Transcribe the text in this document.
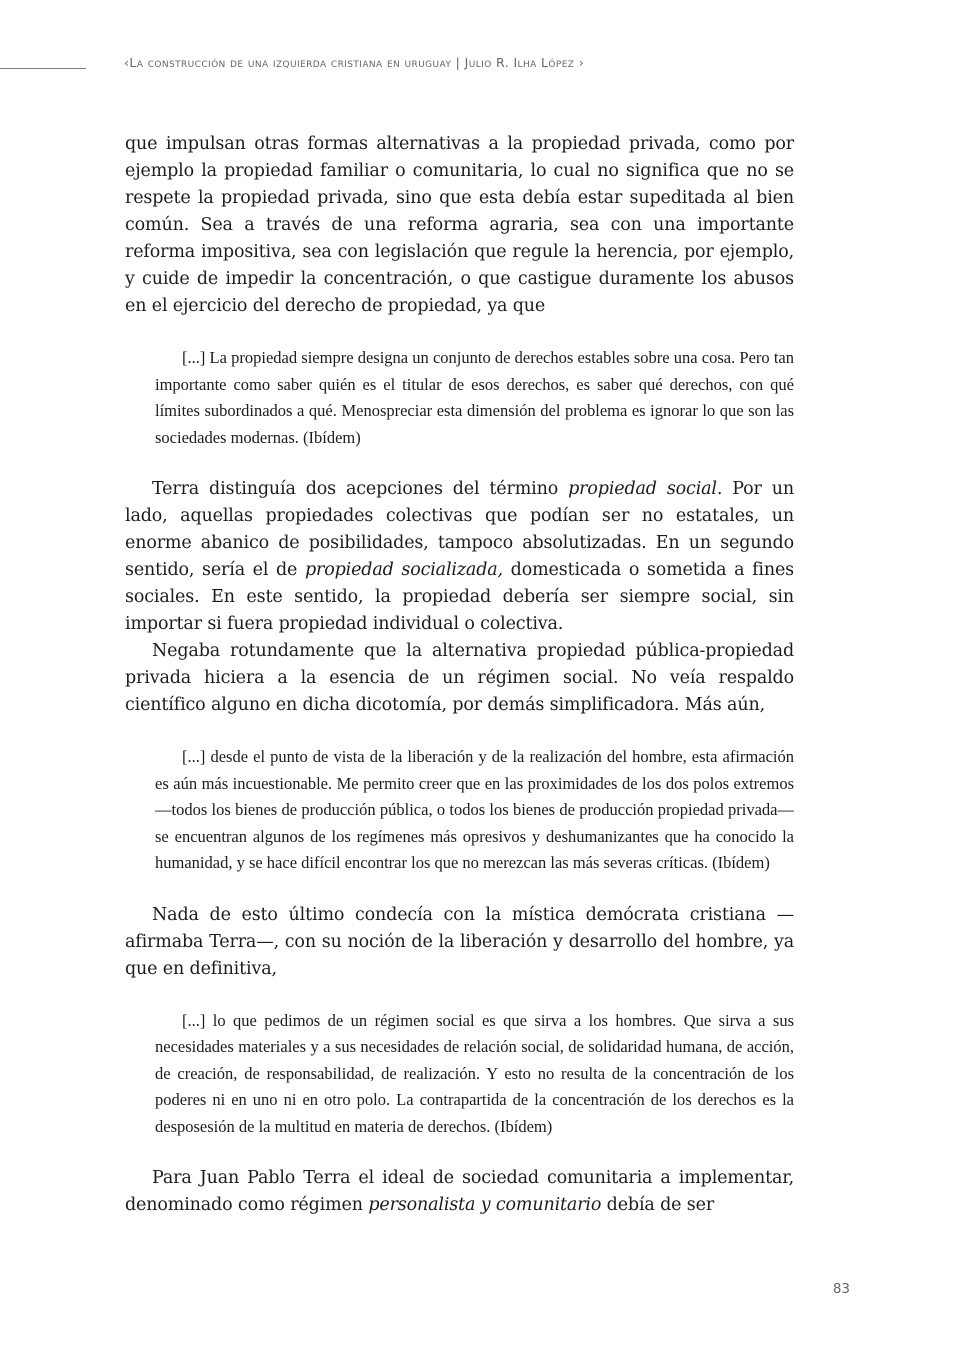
‹La construcción de una izquierda cristiana en uruguay | Julio R. Ilha López ›

que impulsan otras formas alternativas a la propiedad privada, como por ejemplo la propiedad familiar o comunitaria, lo cual no significa que no se respete la propiedad privada, sino que esta debía estar supeditada al bien común. Sea a través de una reforma agraria, sea con una importante reforma impositiva, sea con legislación que regule la herencia, por ejemplo, y cuide de impedir la concentración, o que castigue duramente los abusos en el ejercicio del derecho de propiedad, ya que

[...] La propiedad siempre designa un conjunto de derechos estables sobre una cosa. Pero tan importante como saber quién es el titular de esos derechos, es saber qué derechos, con qué límites subordinados a qué. Menospreciar esta dimensión del problema es ignorar lo que son las sociedades modernas. (Ibídem)

Terra distinguía dos acepciones del término propiedad social. Por un lado, aquellas propiedades colectivas que podían ser no estatales, un enorme abanico de posibilidades, tampoco absolutizadas. En un segundo sentido, sería el de propiedad socializada, domesticada o sometida a fines sociales. En este sentido, la propiedad debería ser siempre social, sin importar si fuera propiedad individual o colectiva.

Negaba rotundamente que la alternativa propiedad pública-propiedad privada hiciera a la esencia de un régimen social. No veía respaldo científico alguno en dicha dicotomía, por demás simplificadora. Más aún,

[...] desde el punto de vista de la liberación y de la realización del hombre, esta afirmación es aún más incuestionable. Me permito creer que en las proximidades de los dos polos extremos —todos los bienes de producción pública, o todos los bienes de producción propiedad privada— se encuentran algunos de los regímenes más opresivos y deshumanizantes que ha conocido la humanidad, y se hace difícil encontrar los que no merezcan las más severas críticas. (Ibídem)

Nada de esto último condecía con la mística demócrata cristiana —afirmaba Terra—, con su noción de la liberación y desarrollo del hombre, ya que en definitiva,

[...] lo que pedimos de un régimen social es que sirva a los hombres. Que sirva a sus necesidades materiales y a sus necesidades de relación social, de solidaridad humana, de acción, de creación, de responsabilidad, de realización. Y esto no resulta de la concentración de los poderes ni en uno ni en otro polo. La contrapartida de la concentración de los derechos es la desposesión de la multitud en materia de derechos. (Ibídem)

Para Juan Pablo Terra el ideal de sociedad comunitaria a implementar, denominado como régimen personalista y comunitario debía de ser

83
